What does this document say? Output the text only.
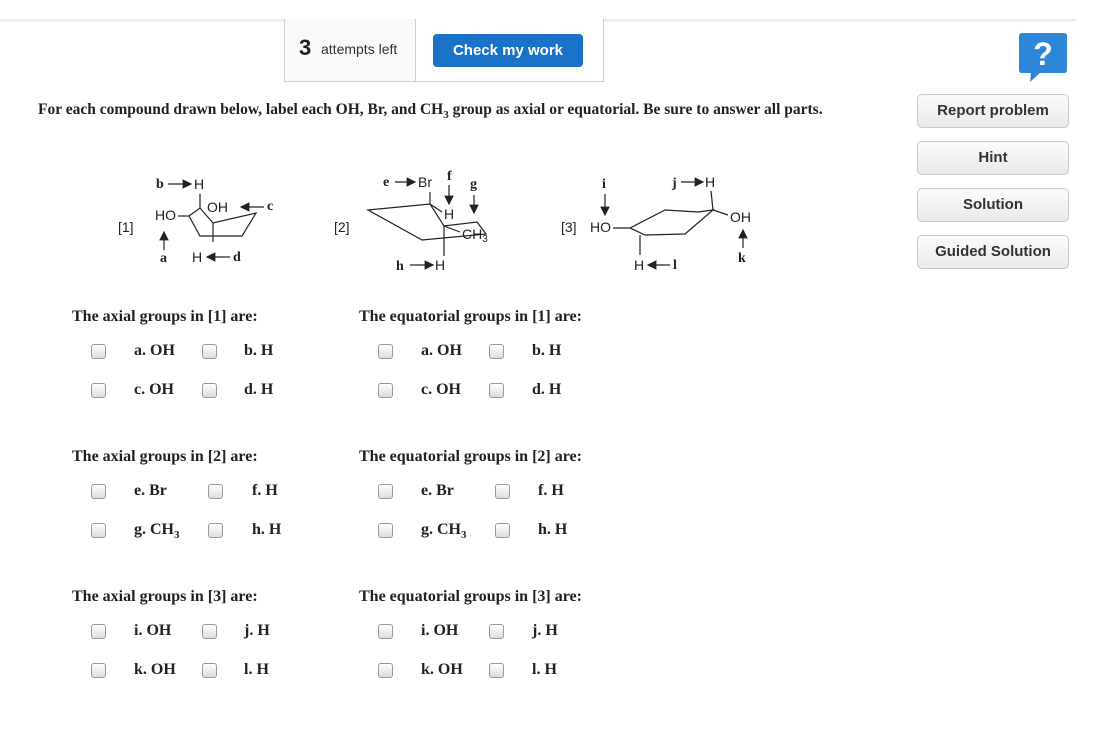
3 attempts left	Check my work	?
Report problem
Hint
Solution
Guided Solution
For each compound drawn below, label each OH, Br, and $CH_3$ group as axial or equatorial. Be sure to answer all parts.
[1]
b H
OH	c
HO
a H d
[2]
e Br f
g
H
$CH_3$
h H
[3] HO
i	j H
OH
k
H l
The axial groups in [1] are:	The equatorial groups in [1] are:
a. OH	b. H
c. OH	d. H
a. OH	b. H
c. OH	d. H
The axial groups in [2] are:	The equatorial groups in [2] are:
e. Br	f. H
g. $CH_3$	h. H
e. Br	f. H
g. $CH_3$	h. H
The axial groups in [3] are:	The equatorial groups in [3] are:
i. OH	j. H
k. OH	l. H
i. OH	j. H
k. OH	l. H
